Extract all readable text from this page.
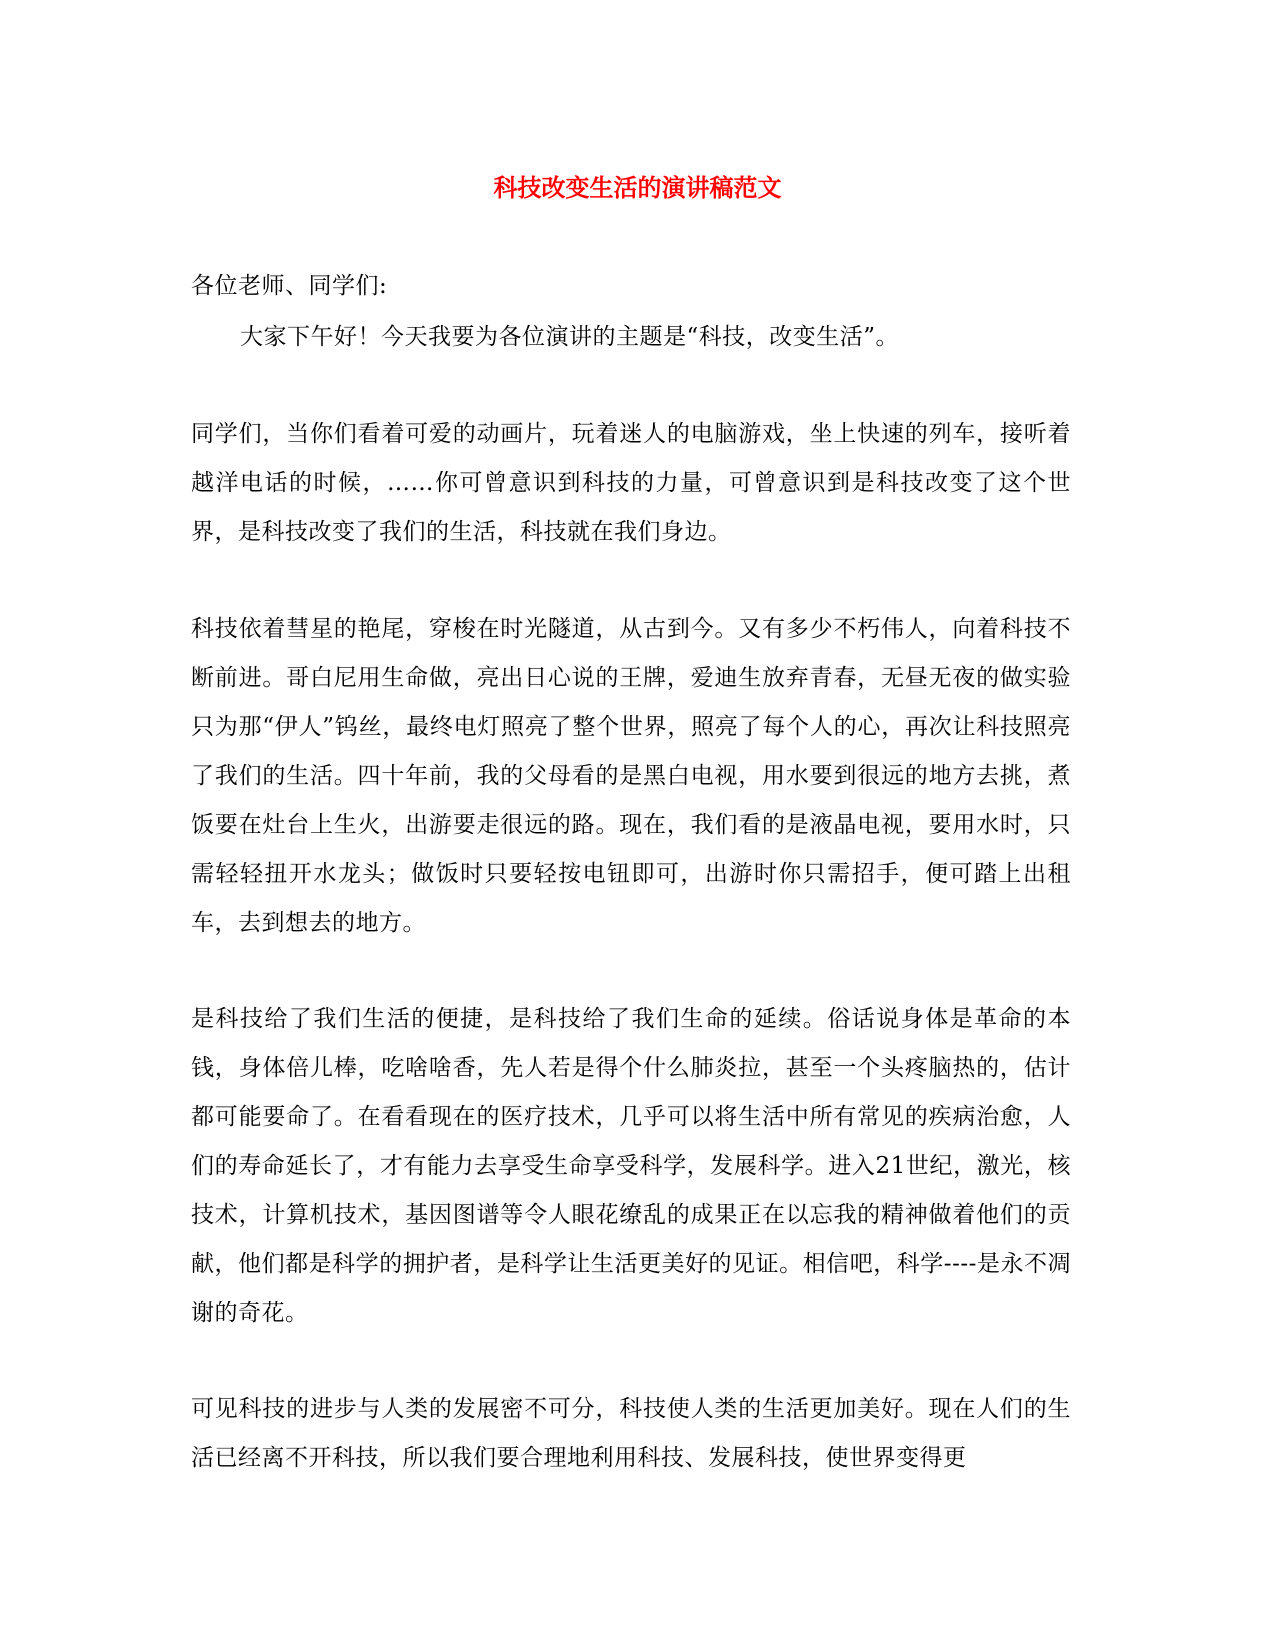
科技改变生活的演讲稿范文
各位老师、同学们:
大家下午好！今天我要为各位演讲的主题是“科技，改变生活”。
同学们，当你们看着可爱的动画片，玩着迷人的电脑游戏，坐上快速的列车，接听着越洋电话的时候，……你可曾意识到科技的力量，可曾意识到是科技改变了这个世界，是科技改变了我们的生活，科技就在我们身边。
科技依着彗星的艳尾，穿梭在时光隧道，从古到今。又有多少不朽伟人，向着科技不断前进。哥白尼用生命做，亮出日心说的王牌，爱迪生放弃青春，无昼无夜的做实验只为那“伊人”钨丝，最终电灯照亮了整个世界，照亮了每个人的心，再次让科技照亮了我们的生活。四十年前，我的父母看的是黑白电视，用水要到很远的地方去挑，煮饭要在灶台上生火，出游要走很远的路。现在，我们看的是液晶电视，要用水时，只需轻轻扭开水龙头；做饭时只要轻按电钮即可，出游时你只需招手，便可踏上出租车，去到想去的地方。
是科技给了我们生活的便捷，是科技给了我们生命的延续。俗话说身体是革命的本钱，身体倍儿棒，吃啥啥香，先人若是得个什么肺炎拉，甚至一个头疼脑热的，估计都可能要命了。在看看现在的医疗技术，几乎可以将生活中所有常见的疾病治愈，人们的寿命延长了，才有能力去享受生命享受科学，发展科学。进入21世纪，激光，核技术，计算机技术，基因图谱等令人眼花缭乱的成果正在以忘我的精神做着他们的贡献，他们都是科学的拥护者，是科学让生活更美好的见证。相信吧，科学----是永不凋谢的奇花。
可见科技的进步与人类的发展密不可分，科技使人类的生活更加美好。现在人们的生活已经离不开科技，所以我们要合理地利用科技、发展科技，使世界变得更
